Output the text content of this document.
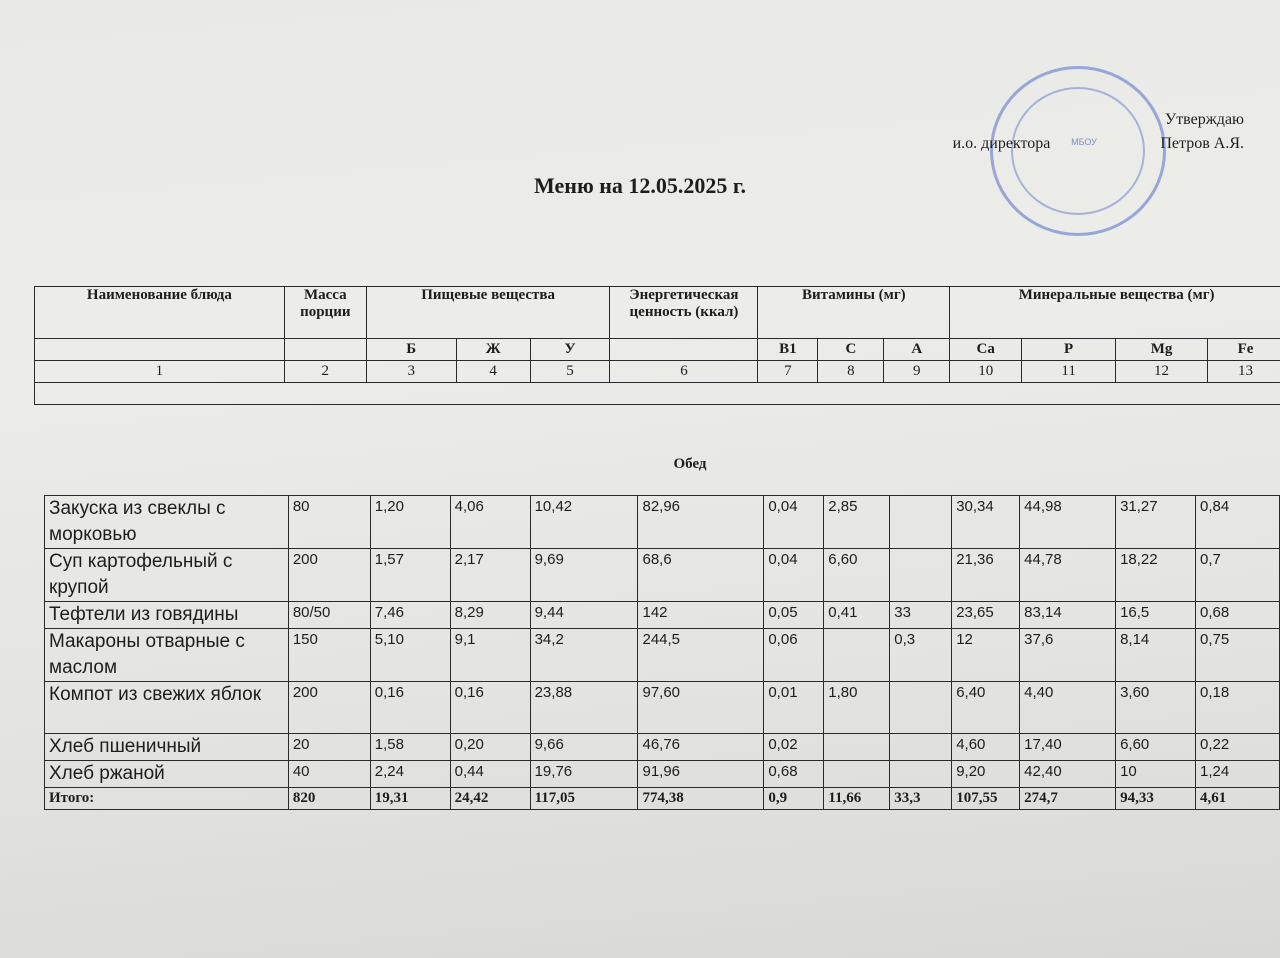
МБОУ
Утверждаю
и.о. директора	Петров А.Я.
Меню на 12.05.2025 г.
Наименование блюда	Масса порции	Пищевые вещества			Энергетическая ценность (ккал)	Витамины (мг)			Минеральные вещества (мг)			
		Б	Ж	У		B1	C	A	Ca	P	Mg	Fe
1	2	3	4	5	6	7	8	9	10	11	12	13

Обед
Закуска из свеклы с морковью	80	1,20	4,06	10,42	82,96	0,04	2,85		30,34	44,98	31,27	0,84
Суп картофельный с крупой	200	1,57	2,17	9,69	68,6	0,04	6,60		21,36	44,78	18,22	0,7
Тефтели из говядины	80/50	7,46	8,29	9,44	142	0,05	0,41	33	23,65	83,14	16,5	0,68
Макароны отварные с маслом	150	5,10	9,1	34,2	244,5	0,06		0,3	12	37,6	8,14	0,75
Компот из свежих яблок	200	0,16	0,16	23,88	97,60	0,01	1,80		6,40	4,40	3,60	0,18
Хлеб пшеничный	20	1,58	0,20	9,66	46,76	0,02			4,60	17,40	6,60	0,22
Хлеб ржаной	40	2,24	0,44	19,76	91,96	0,68			9,20	42,40	10	1,24
Итого:	820	19,31	24,42	117,05	774,38	0,9	11,66	33,3	107,55	274,7	94,33	4,61
